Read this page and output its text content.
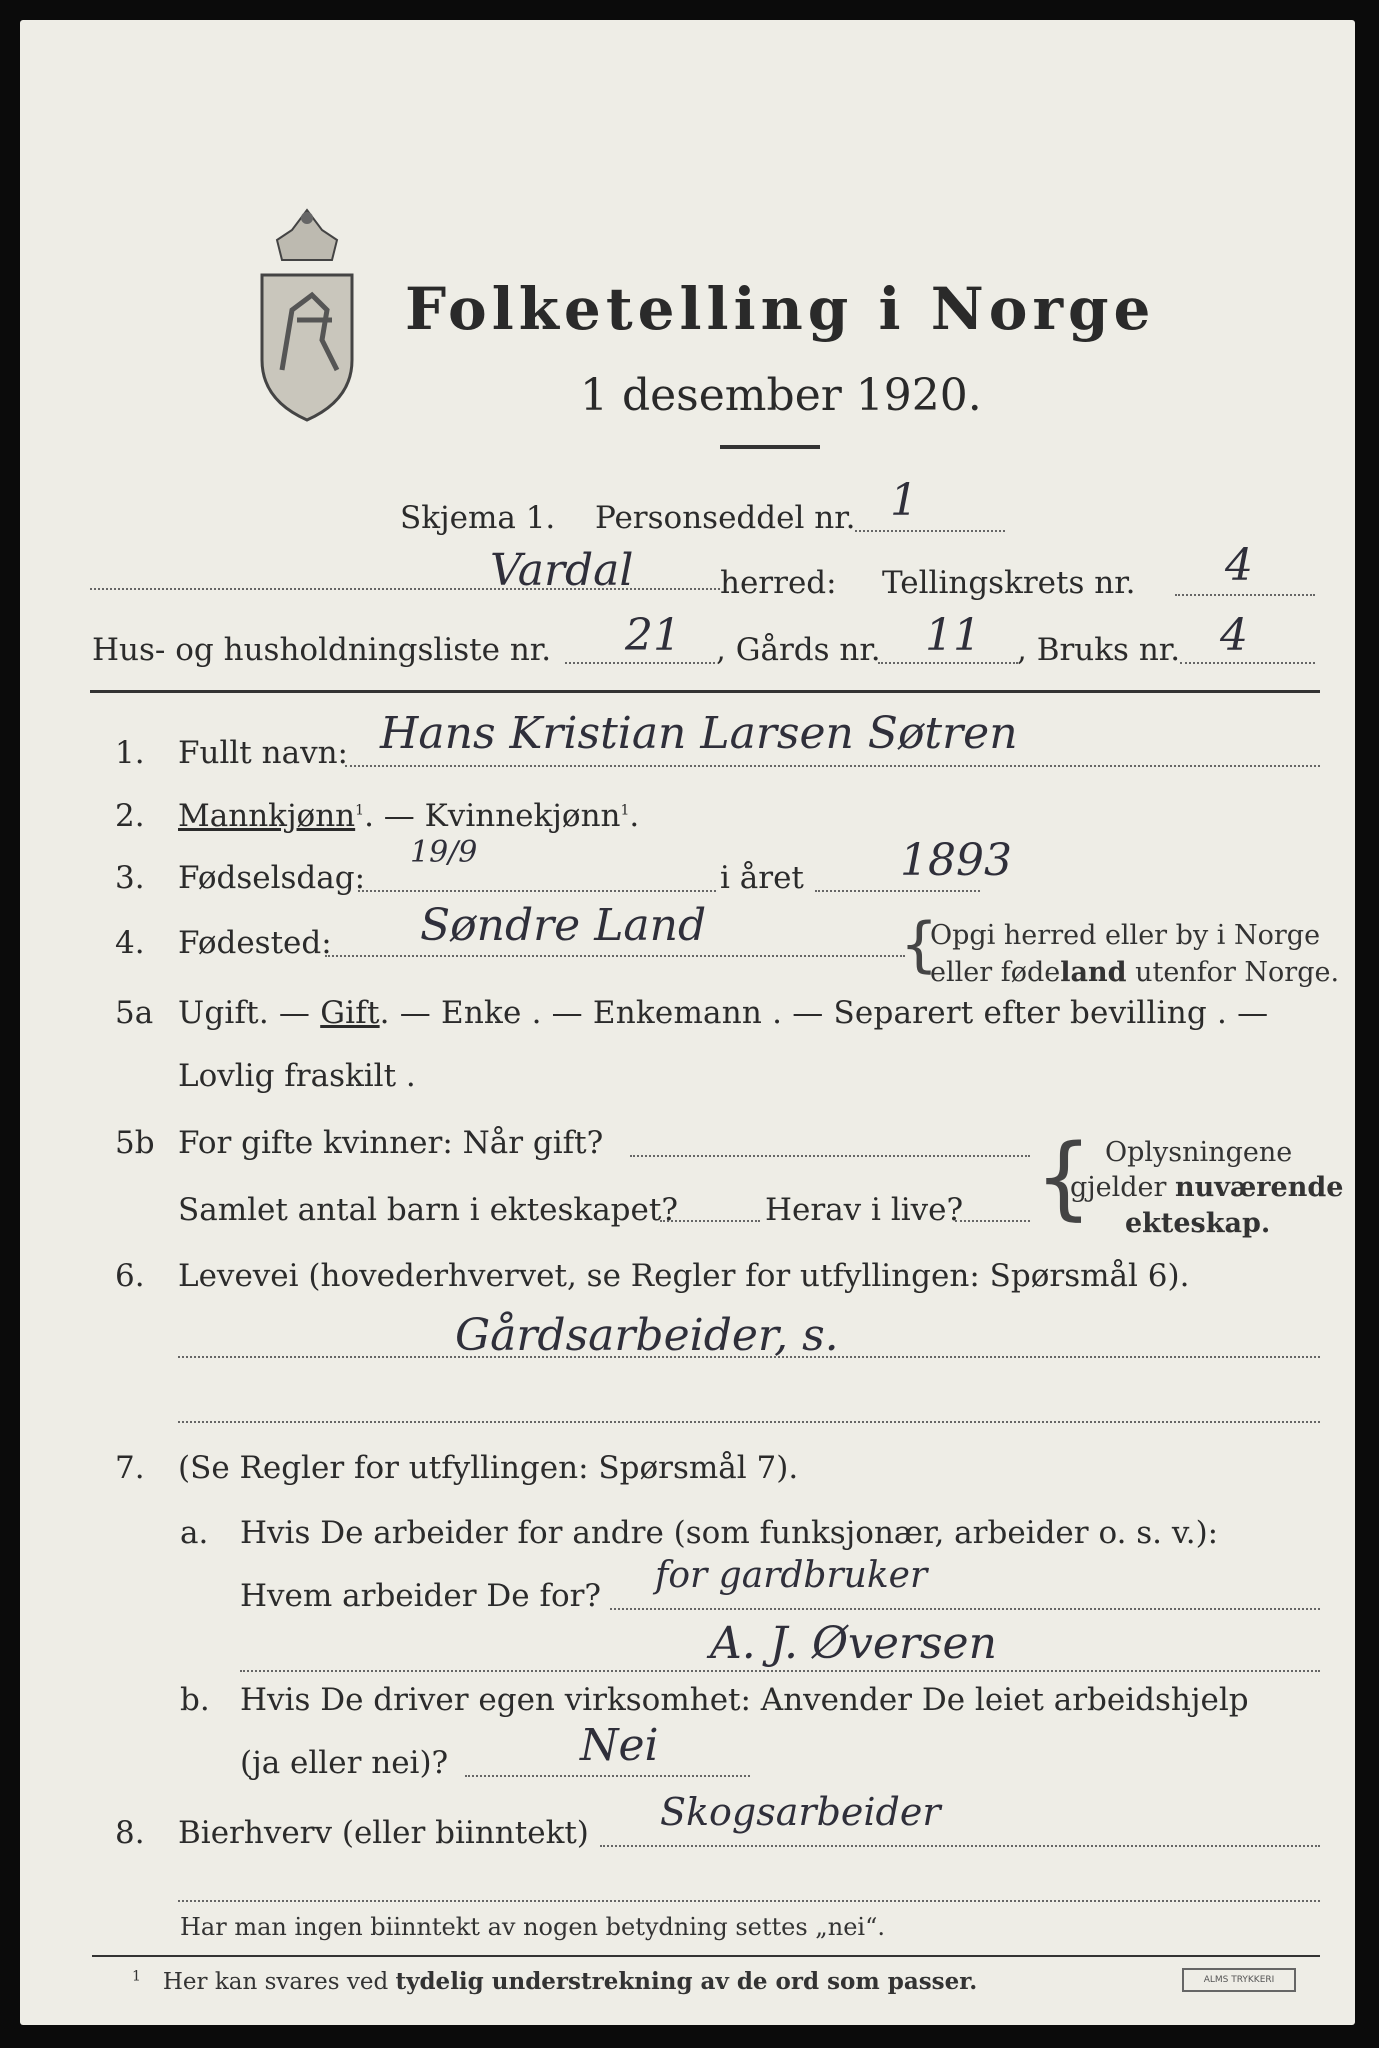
Folketelling i Norge
1 desember 1920.
Skjema 1. Personseddel nr. 1
Vardal	herred: Tellingskrets nr. 4
Hus- og husholdningsliste nr. 21 , Gårds nr. 11 , Bruks nr. 4
1. Fullt navn: Hans Kristian Larsen Søtren
2. Mannkjønn$^1$. — Kvinnekjønn$^1$.
3. Fødselsdag:
19/9
i året 1893
4. Fødested: Søndre Land	{
Opgi herred eller by i Norge
eller fødeland utenfor Norge.
5a Ugift. — Gift. — Enke . — Enkemann . — Separert efter bevilling . —
Lovlig fraskilt .
5b For gifte kvinner: Når gift?
Samlet antal barn i ekteskapet?	Herav i live? { Oplysningene
gjelder nuværende
ekteskap.
6. Levevei (hovederhvervet, se Regler for utfyllingen: Spørsmål 6).
Gårdsarbeider, s.
7. (Se Regler for utfyllingen: Spørsmål 7).
a. Hvis De arbeider for andre (som funksjonær, arbeider o. s. v.):
Hvem arbeider De for? for gardbruker
A. J. Øversen
b. Hvis De driver egen virksomhet: Anvender De leiet arbeidshjelp
(ja eller nei)?	Nei
8. Bierhverv (eller biinntekt) Skogsarbeider
Har man ingen biinntekt av nogen betydning settes „nei“.
$^1$ Her kan svares ved tydelig understrekning av de ord som passer.	ALMS TRYKKERI
